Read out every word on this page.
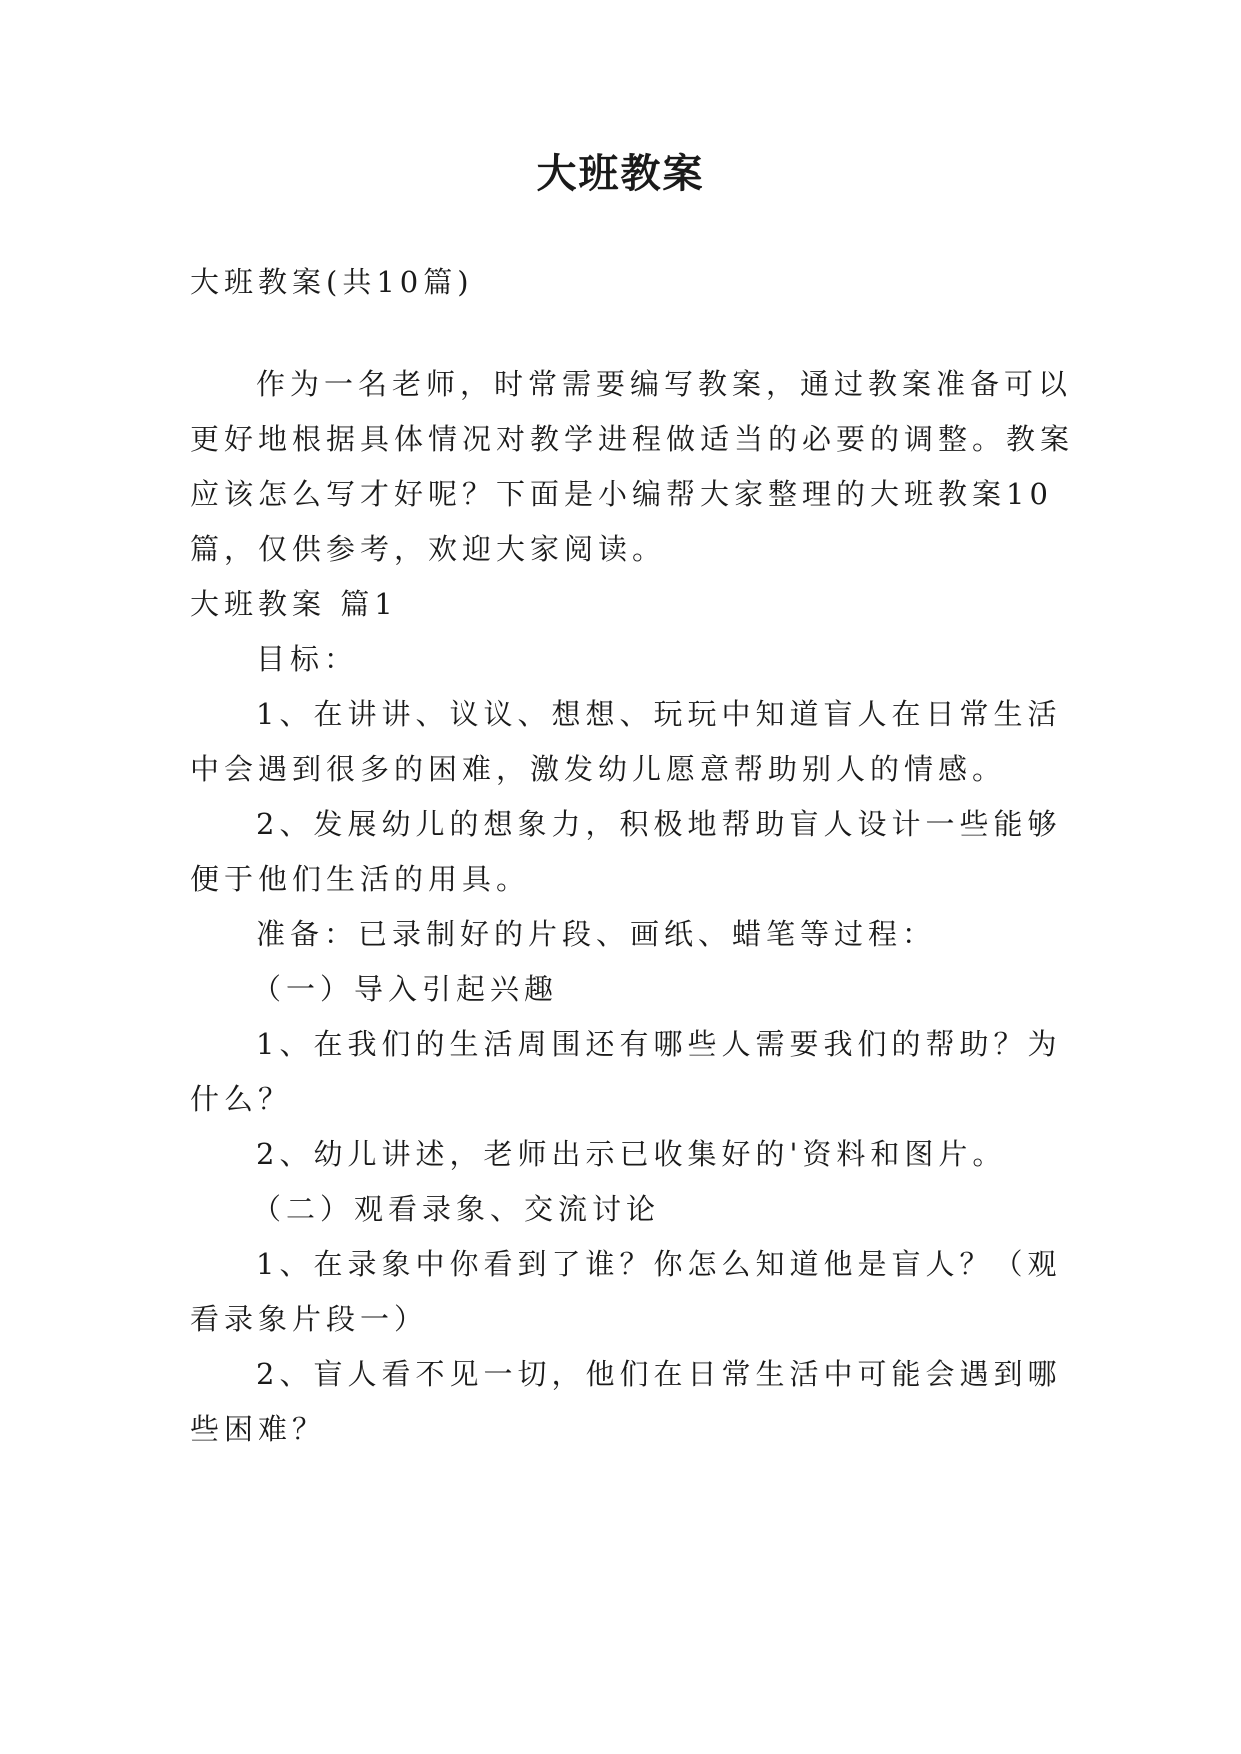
大班教案
大班教案(共10篇)
作为一名老师，时常需要编写教案，通过教案准备可以
更好地根据具体情况对教学进程做适当的必要的调整。教案
应该怎么写才好呢？下面是小编帮大家整理的大班教案10
篇，仅供参考，欢迎大家阅读。
大班教案 篇1
目标：
1、在讲讲、议议、想想、玩玩中知道盲人在日常生活
中会遇到很多的困难，激发幼儿愿意帮助别人的情感。
2、发展幼儿的想象力，积极地帮助盲人设计一些能够
便于他们生活的用具。
准备：已录制好的片段、画纸、蜡笔等过程：
（一）导入引起兴趣
1、在我们的生活周围还有哪些人需要我们的帮助？为
什么？
2、幼儿讲述，老师出示已收集好的'资料和图片。
（二）观看录象、交流讨论
1、在录象中你看到了谁？你怎么知道他是盲人？（观
看录象片段一）
2、盲人看不见一切，他们在日常生活中可能会遇到哪
些困难？
